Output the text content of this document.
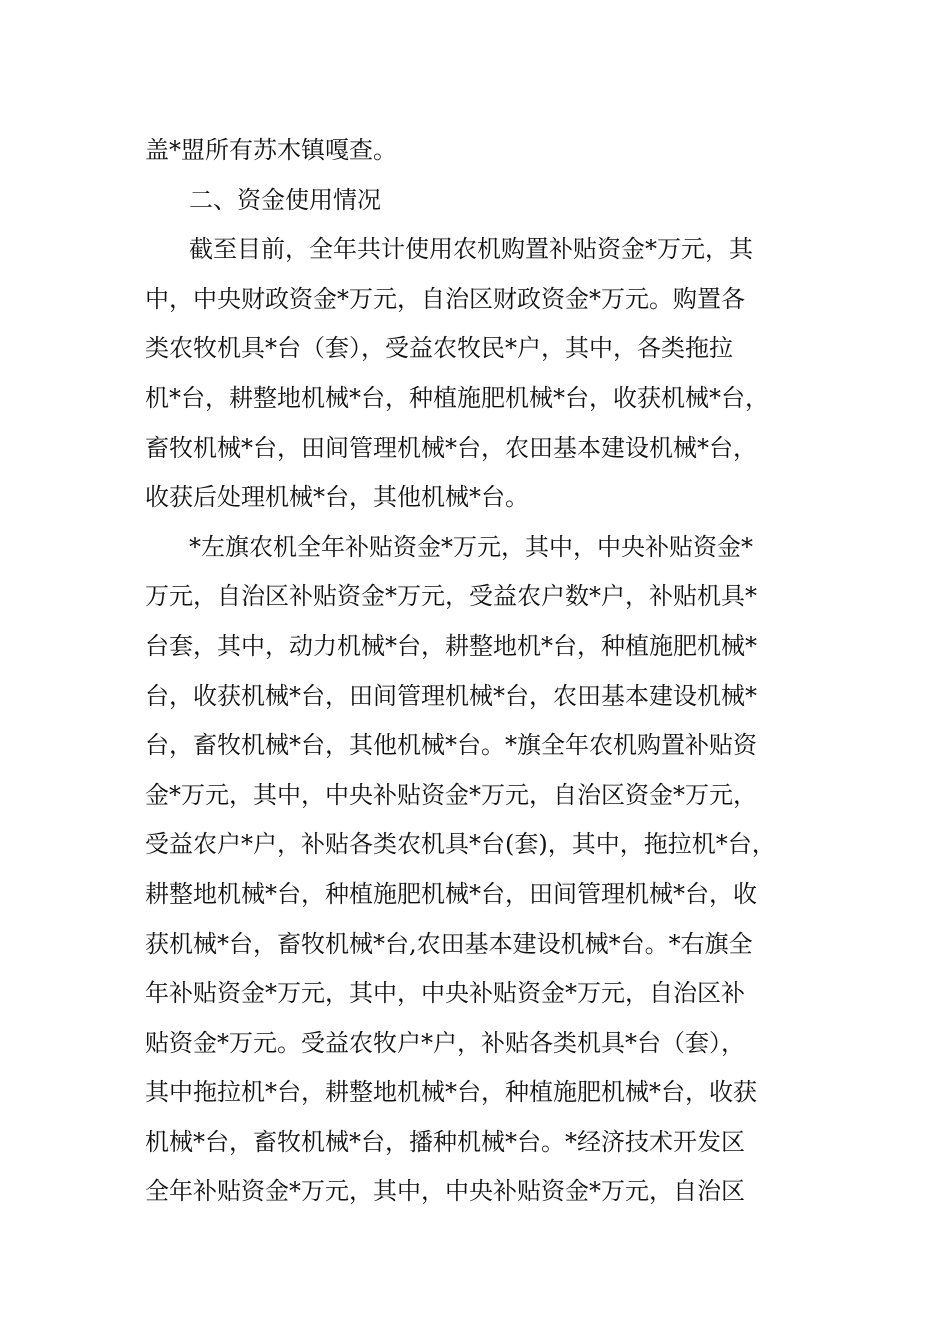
盖*盟所有苏木镇嘎查。
二、资金使用情况
截至目前，全年共计使用农机购置补贴资金*万元，其
中，中央财政资金*万元，自治区财政资金*万元。购置各
类农牧机具*台（套），受益农牧民*户，其中，各类拖拉
机*台，耕整地机械*台，种植施肥机械*台，收获机械*台，
畜牧机械*台，田间管理机械*台，农田基本建设机械*台，
收获后处理机械*台，其他机械*台。
*左旗农机全年补贴资金*万元，其中，中央补贴资金*
万元，自治区补贴资金*万元，受益农户数*户，补贴机具*
台套，其中，动力机械*台，耕整地机*台，种植施肥机械*
台，收获机械*台，田间管理机械*台，农田基本建设机械*
台，畜牧机械*台，其他机械*台。*旗全年农机购置补贴资
金*万元，其中，中央补贴资金*万元，自治区资金*万元，
受益农户*户，补贴各类农机具*台(套)，其中，拖拉机*台，
耕整地机械*台，种植施肥机械*台，田间管理机械*台，收
获机械*台，畜牧机械*台,农田基本建设机械*台。*右旗全
年补贴资金*万元，其中，中央补贴资金*万元，自治区补
贴资金*万元。受益农牧户*户，补贴各类机具*台（套），
其中拖拉机*台，耕整地机械*台，种植施肥机械*台，收获
机械*台，畜牧机械*台，播种机械*台。*经济技术开发区
全年补贴资金*万元，其中，中央补贴资金*万元，自治区
